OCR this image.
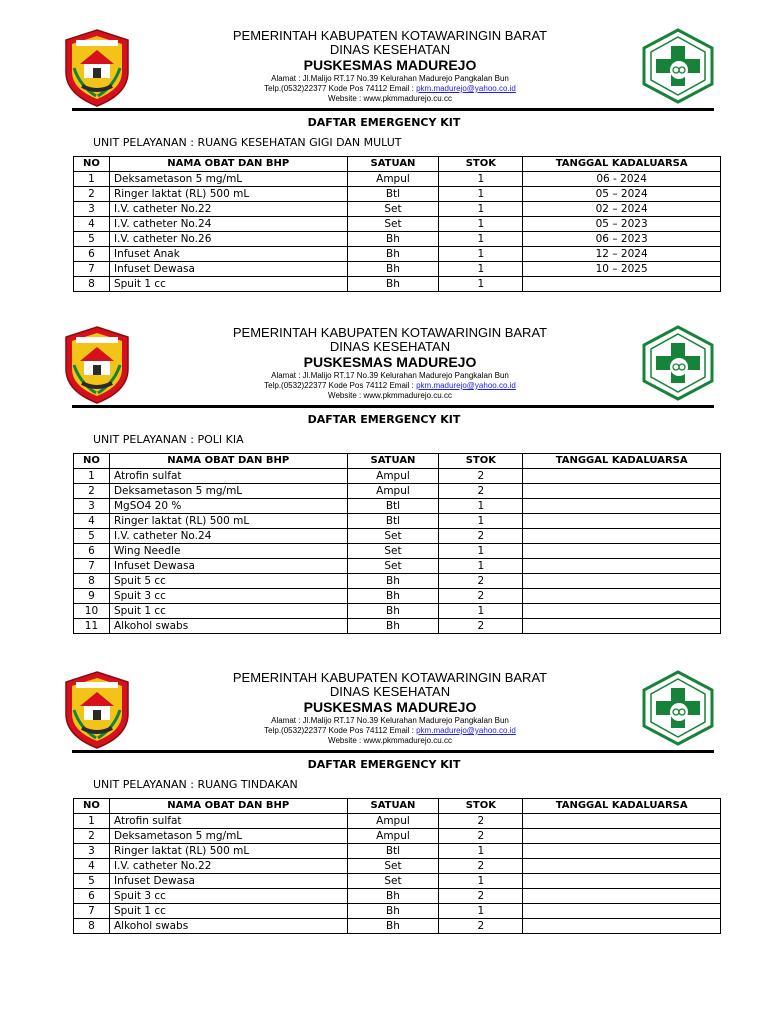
PEMERINTAH KABUPATEN KOTAWARINGIN BARAT
DINAS KESEHATAN
PUSKESMAS MADUREJO
Alamat : Jl.Malijo RT.17 No.39 Kelurahan Madurejo Pangkalan Bun
Telp.(0532)22377 Kode Pos 74112 Email : pkm.madurejo@yahoo.co.id
Website : www.pkmmadurejo.cu.cc
DAFTAR EMERGENCY KIT
UNIT PELAYANAN : RUANG KESEHATAN GIGI DAN MULUT
NO	NAMA OBAT DAN BHP	SATUAN	STOK	TANGGAL KADALUARSA
1	Deksametason 5 mg/mL	Ampul	1	06 - 2024
2	Ringer laktat (RL) 500 mL	Btl	1	05 – 2024
3	I.V. catheter No.22	Set	1	02 – 2024
4	I.V. catheter No.24	Set	1	05 – 2023
5	I.V. catheter No.26	Bh	1	06 – 2023
6	Infuset Anak	Bh	1	12 – 2024
7	Infuset Dewasa	Bh	1	10 – 2025
8	Spuit 1 cc	Bh	1	
PEMERINTAH KABUPATEN KOTAWARINGIN BARAT
DINAS KESEHATAN
PUSKESMAS MADUREJO
Alamat : Jl.Malijo RT.17 No.39 Kelurahan Madurejo Pangkalan Bun
Telp.(0532)22377 Kode Pos 74112 Email : pkm.madurejo@yahoo.co.id
Website : www.pkmmadurejo.cu.cc
DAFTAR EMERGENCY KIT
UNIT PELAYANAN : POLI KIA
NO	NAMA OBAT DAN BHP	SATUAN	STOK	TANGGAL KADALUARSA
1	Atrofin sulfat	Ampul	2	
2	Deksametason 5 mg/mL	Ampul	2	
3	MgSO4 20 %	Btl	1	
4	Ringer laktat (RL) 500 mL	Btl	1	
5	I.V. catheter No.24	Set	2	
6	Wing Needle	Set	1	
7	Infuset Dewasa	Set	1	
8	Spuit 5 cc	Bh	2	
9	Spuit 3 cc	Bh	2	
10	Spuit 1 cc	Bh	1	
11	Alkohol swabs	Bh	2	
PEMERINTAH KABUPATEN KOTAWARINGIN BARAT
DINAS KESEHATAN
PUSKESMAS MADUREJO
Alamat : Jl.Malijo RT.17 No.39 Kelurahan Madurejo Pangkalan Bun
Telp.(0532)22377 Kode Pos 74112 Email : pkm.madurejo@yahoo.co.id
Website : www.pkmmadurejo.cu.cc
DAFTAR EMERGENCY KIT
UNIT PELAYANAN : RUANG TINDAKAN
NO	NAMA OBAT DAN BHP	SATUAN	STOK	TANGGAL KADALUARSA
1	Atrofin sulfat	Ampul	2	
2	Deksametason 5 mg/mL	Ampul	2	
3	Ringer laktat (RL) 500 mL	Btl	1	
4	I.V. catheter No.22	Set	2	
5	Infuset Dewasa	Set	1	
6	Spuit 3 cc	Bh	2	
7	Spuit 1 cc	Bh	1	
8	Alkohol swabs	Bh	2	
